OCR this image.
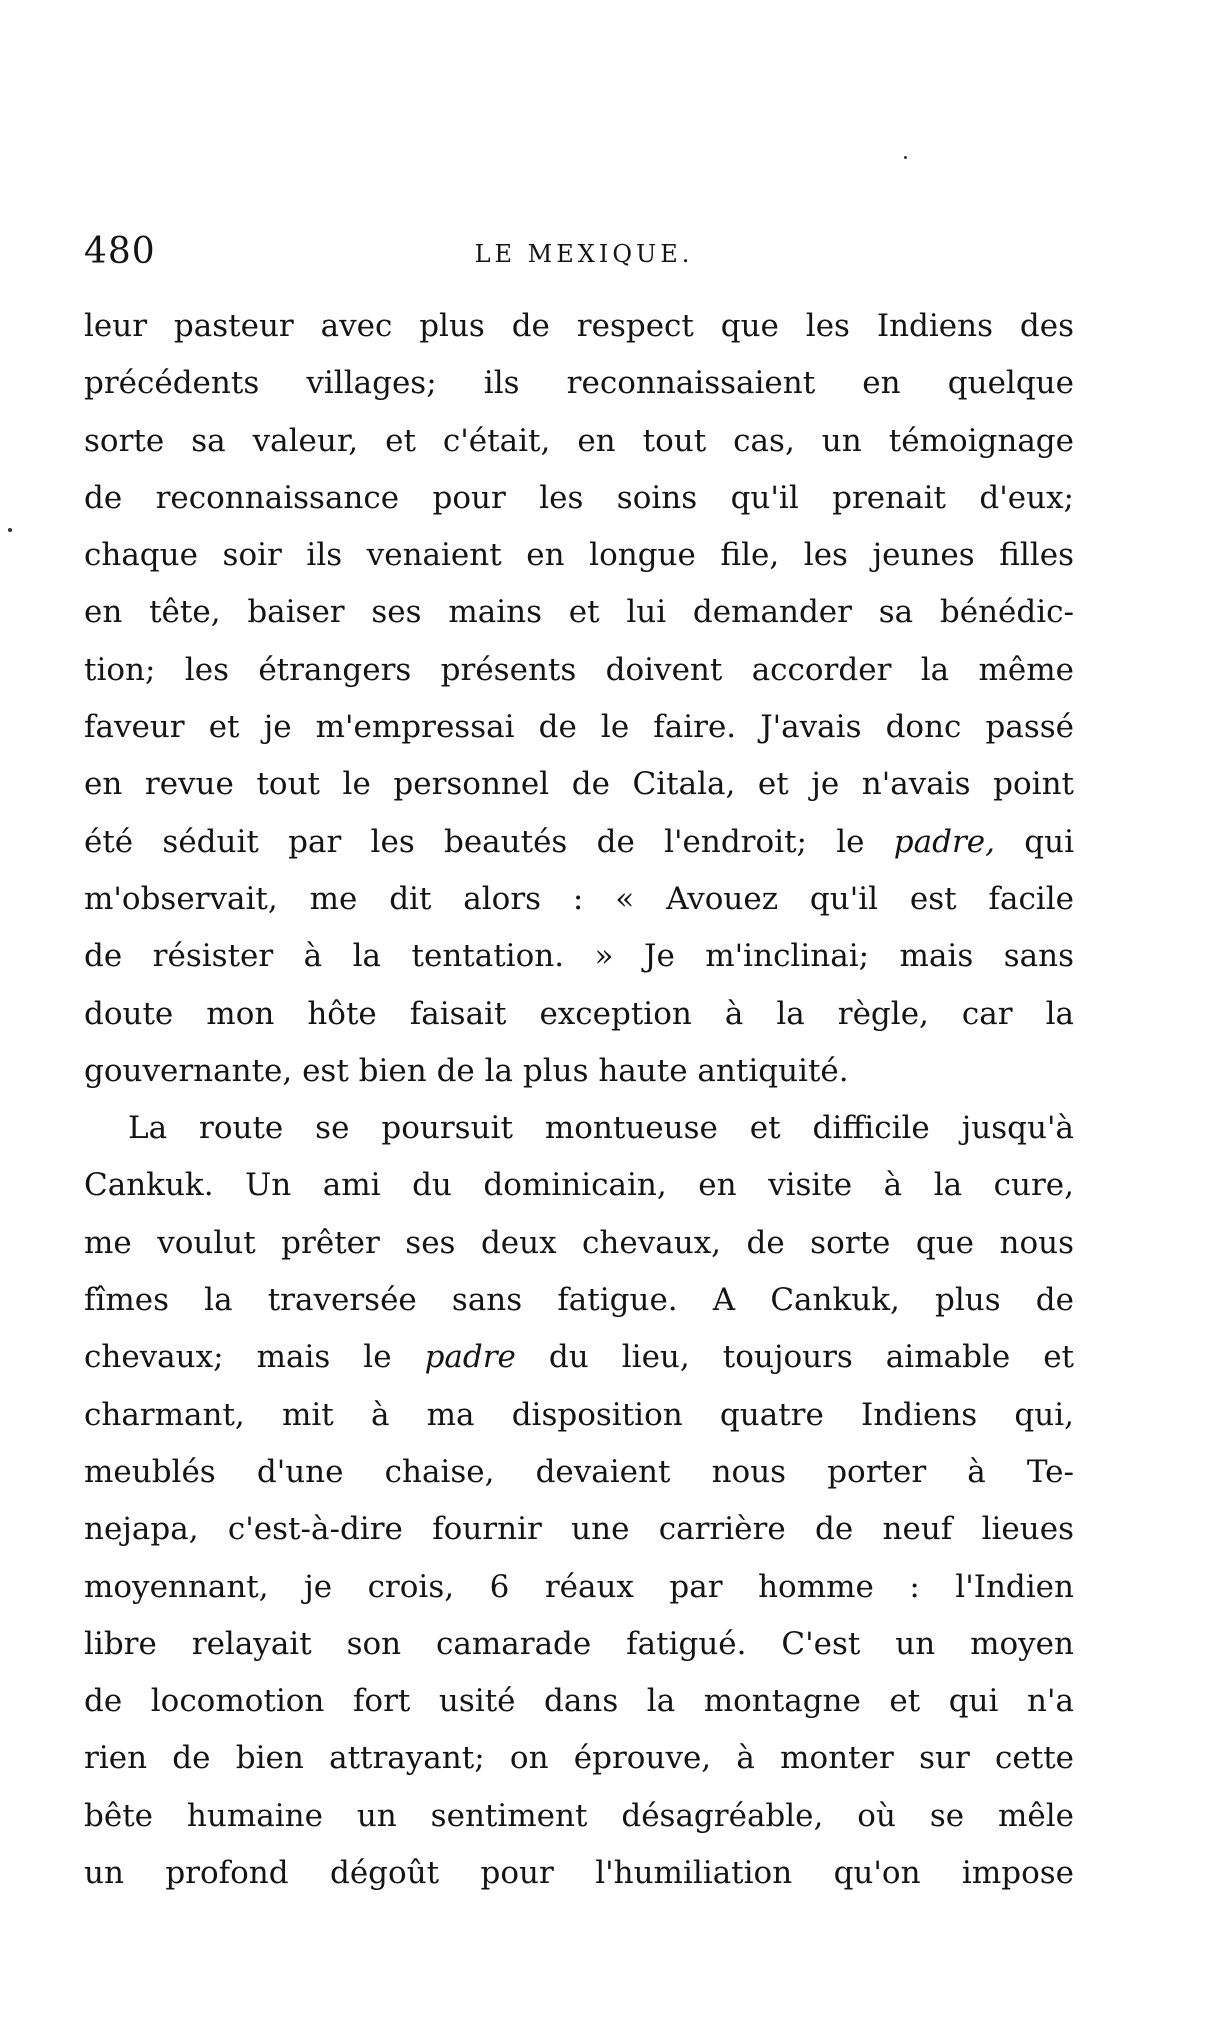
480	LE MEXIQUE.
leur pasteur avec plus de respect que les Indiens des
précédents villages; ils reconnaissaient en quelque
sorte sa valeur, et c'était, en tout cas, un témoignage
de reconnaissance pour les soins qu'il prenait d'eux;
chaque soir ils venaient en longue file, les jeunes filles
en tête, baiser ses mains et lui demander sa bénédic-
tion; les étrangers présents doivent accorder la même
faveur et je m'empressai de le faire. J'avais donc passé
en revue tout le personnel de Citala, et je n'avais point
été séduit par les beautés de l'endroit; le padre, qui
m'observait, me dit alors : « Avouez qu'il est facile
de résister à la tentation. » Je m'inclinai; mais sans
doute mon hôte faisait exception à la règle, car la
gouvernante, est bien de la plus haute antiquité.
La route se poursuit montueuse et difficile jusqu'à
Cankuk. Un ami du dominicain, en visite à la cure,
me voulut prêter ses deux chevaux, de sorte que nous
fîmes la traversée sans fatigue. A Cankuk, plus de
chevaux; mais le padre du lieu, toujours aimable et
charmant, mit à ma disposition quatre Indiens qui,
meublés d'une chaise, devaient nous porter à Te-
nejapa, c'est-à-dire fournir une carrière de neuf lieues
moyennant, je crois, 6 réaux par homme : l'Indien
libre relayait son camarade fatigué. C'est un moyen
de locomotion fort usité dans la montagne et qui n'a
rien de bien attrayant; on éprouve, à monter sur cette
bête humaine un sentiment désagréable, où se mêle
un profond dégoût pour l'humiliation qu'on impose
